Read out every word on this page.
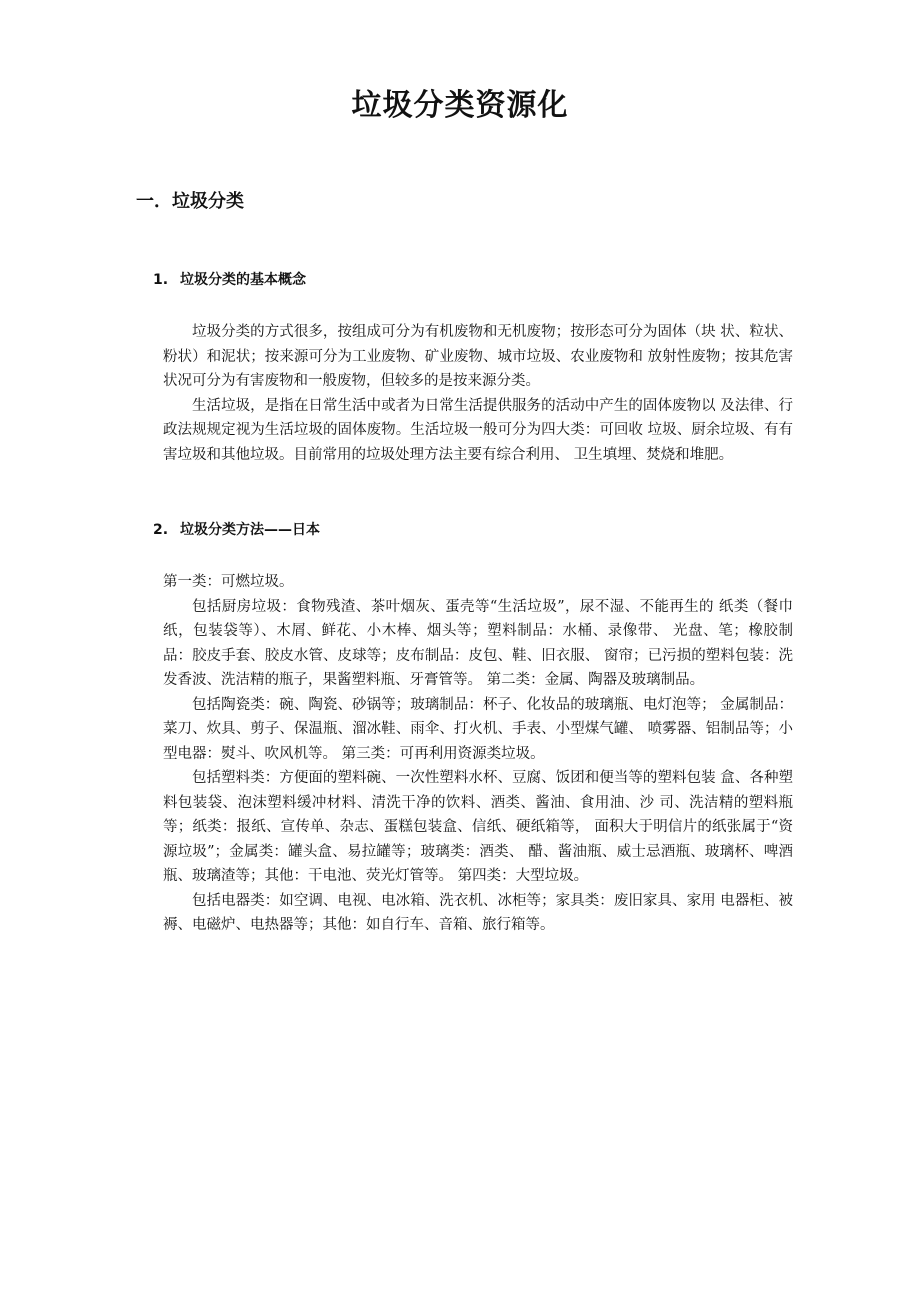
垃圾分类资源化
一．垃圾分类
1. 垃圾分类的基本概念

垃圾分类的方式很多，按组成可分为有机废物和无机废物；按形态可分为固体（块 状、粒状、粉状）和泥状；按来源可分为工业废物、矿业废物、城市垃圾、农业废物和 放射性废物；按其危害状况可分为有害废物和一般废物，但较多的是按来源分类。

生活垃圾，是指在日常生活中或者为日常生活提供服务的活动中产生的固体废物以 及法律、行政法规规定视为生活垃圾的固体废物。生活垃圾一般可分为四大类：可回收 垃圾、厨余垃圾、有有害垃圾和其他垃圾。目前常用的垃圾处理方法主要有综合利用、 卫生填埋、焚烧和堆肥。

2. 垃圾分类方法——日本

第一类：可燃垃圾。

包括厨房垃圾：食物残渣、茶叶烟灰、蛋壳等“生活垃圾”，尿不湿、不能再生的 纸类（餐巾纸，包装袋等）、木屑、鲜花、小木棒、烟头等；塑料制品：水桶、录像带、 光盘、笔；橡胶制品：胶皮手套、胶皮水管、皮球等；皮布制品：皮包、鞋、旧衣服、 窗帘；已污损的塑料包装：洗发香波、洗洁精的瓶子，果酱塑料瓶、牙膏管等。 第二类：金属、陶器及玻璃制品。

包括陶瓷类：碗、陶瓷、砂锅等；玻璃制品：杯子、化妆品的玻璃瓶、电灯泡等； 金属制品：菜刀、炊具、剪子、保温瓶、溜冰鞋、雨伞、打火机、手表、小型煤气罐、 喷雾器、铝制品等；小型电器：熨斗、吹风机等。 第三类：可再利用资源类垃圾。

包括塑料类：方便面的塑料碗、一次性塑料水杯、豆腐、饭团和便当等的塑料包装 盒、各种塑料包装袋、泡沫塑料缓冲材料、清洗干净的饮料、酒类、酱油、食用油、沙 司、洗洁精的塑料瓶等；纸类：报纸、宣传单、杂志、蛋糕包装盒、信纸、硬纸箱等， 面积大于明信片的纸张属于“资源垃圾”；金属类：罐头盒、易拉罐等；玻璃类：酒类、 醋、酱油瓶、威士忌酒瓶、玻璃杯、啤酒瓶、玻璃渣等；其他：干电池、荧光灯管等。 第四类：大型垃圾。

包括电器类：如空调、电视、电冰箱、洗衣机、冰柜等；家具类：废旧家具、家用 电器柜、被褥、电磁炉、电热器等；其他：如自行车、音箱、旅行箱等。
